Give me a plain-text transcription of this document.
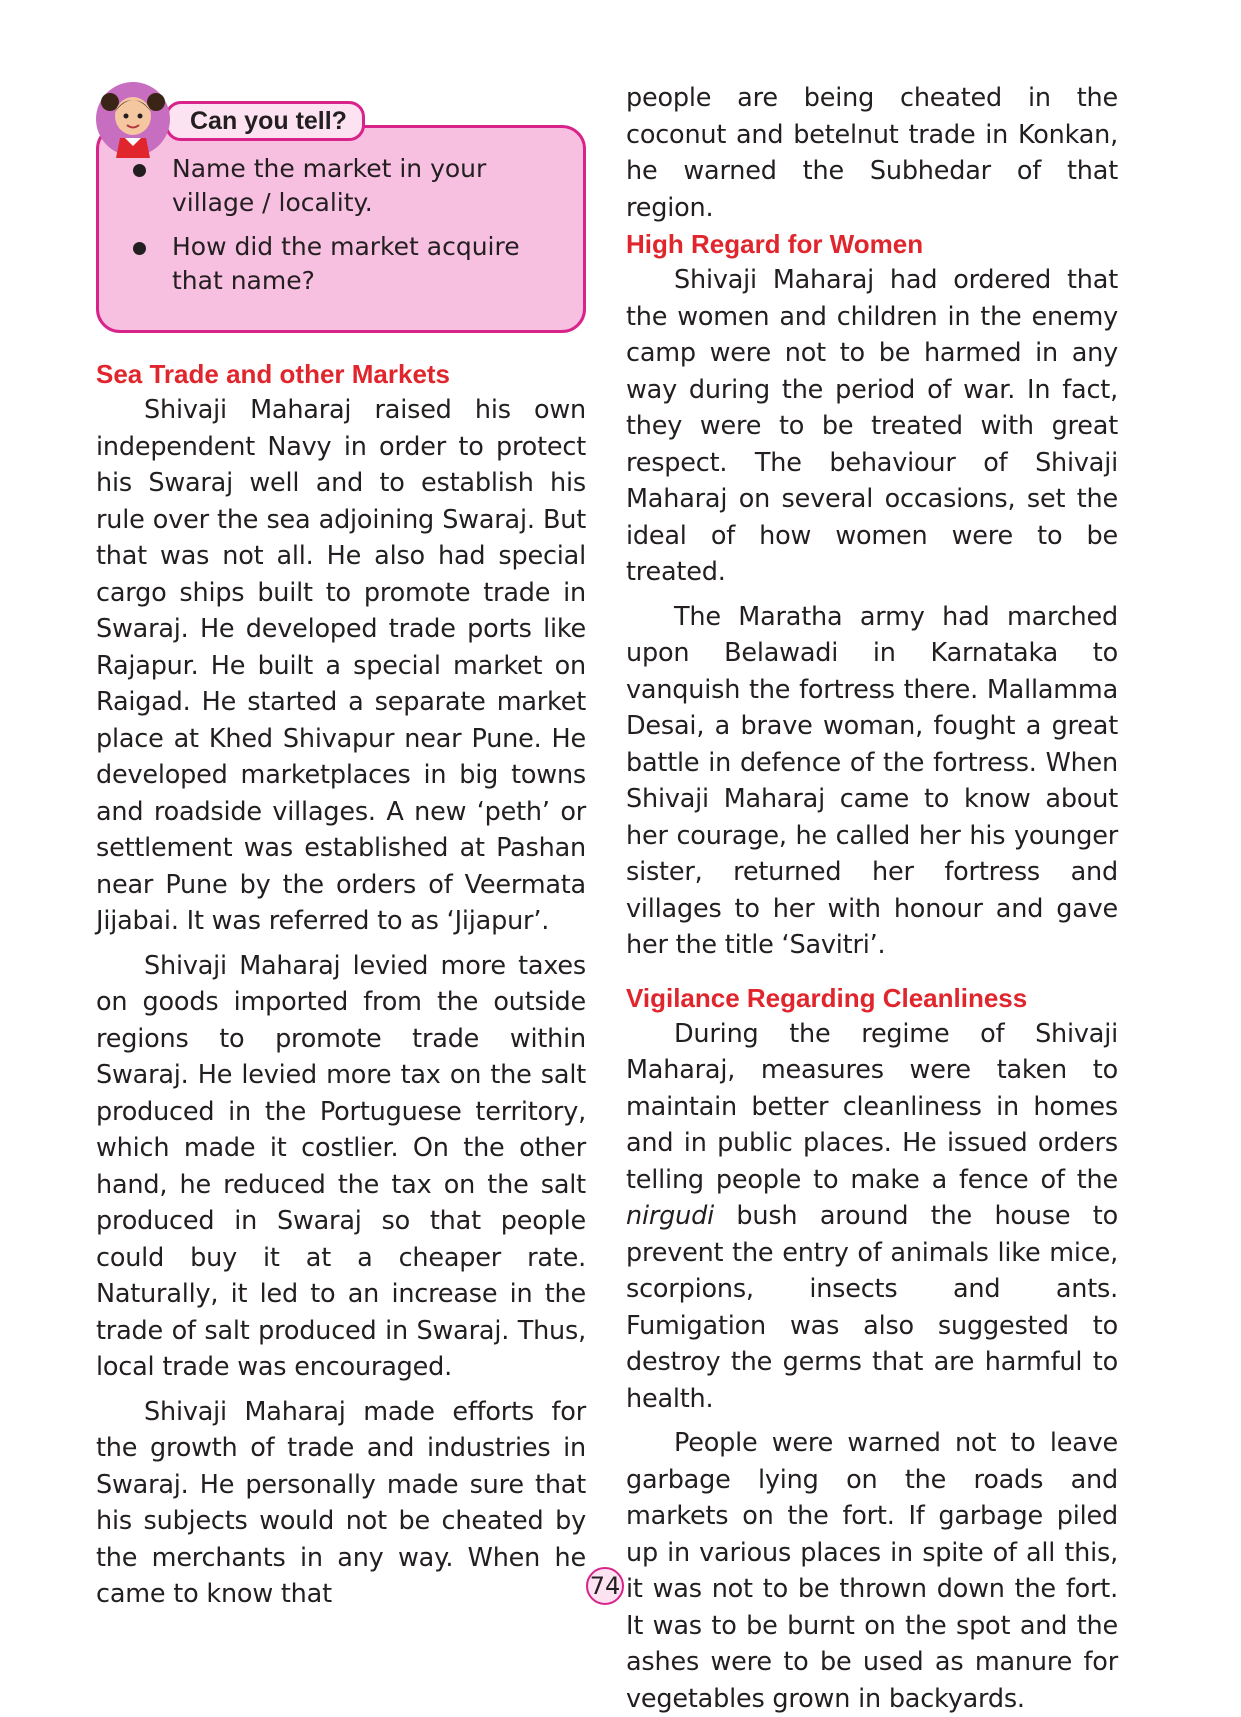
Can you tell?
Name the market in your village / locality.
How did the market acquire that name?
Sea Trade and other Markets

Shivaji Maharaj raised his own independent Navy in order to protect his Swaraj well and to establish his rule over the sea adjoining Swaraj. But that was not all. He also had special cargo ships built to promote trade in Swaraj. He developed trade ports like Rajapur. He built a special market on Raigad. He started a separate market place at Khed Shivapur near Pune. He developed marketplaces in big towns and roadside villages. A new ‘peth’ or settlement was established at Pashan near Pune by the orders of Veermata Jijabai. It was referred to as ‘Jijapur’.

Shivaji Maharaj levied more taxes on goods imported from the outside regions to promote trade within Swaraj. He levied more tax on the salt produced in the Portuguese territory, which made it costlier. On the other hand, he reduced the tax on the salt produced in Swaraj so that people could buy it at a cheaper rate. Naturally, it led to an increase in the trade of salt produced in Swaraj. Thus, local trade was encouraged.

Shivaji Maharaj made efforts for the growth of trade and industries in Swaraj. He personally made sure that his subjects would not be cheated by the merchants in any way. When he came to know that

people are being cheated in the coconut and betelnut trade in Konkan, he warned the Subhedar of that region.

High Regard for Women

Shivaji Maharaj had ordered that the women and children in the enemy camp were not to be harmed in any way during the period of war. In fact, they were to be treated with great respect. The behaviour of Shivaji Maharaj on several occasions, set the ideal of how women were to be treated.

The Maratha army had marched upon Belawadi in Karnataka to vanquish the fortress there. Mallamma Desai, a brave woman, fought a great battle in defence of the fortress. When Shivaji Maharaj came to know about her courage, he called her his younger sister, returned her fortress and villages to her with honour and gave her the title ‘Savitri’.

Vigilance Regarding Cleanliness

During the regime of Shivaji Maharaj, measures were taken to maintain better cleanliness in homes and in public places. He issued orders telling people to make a fence of the nirgudi bush around the house to prevent the entry of animals like mice, scorpions, insects and ants. Fumigation was also suggested to destroy the germs that are harmful to health.

People were warned not to leave garbage lying on the roads and markets on the fort. If garbage piled up in various places in spite of all this, it was not to be thrown down the fort. It was to be burnt on the spot and the ashes were to be used as manure for vegetables grown in backyards.

74
